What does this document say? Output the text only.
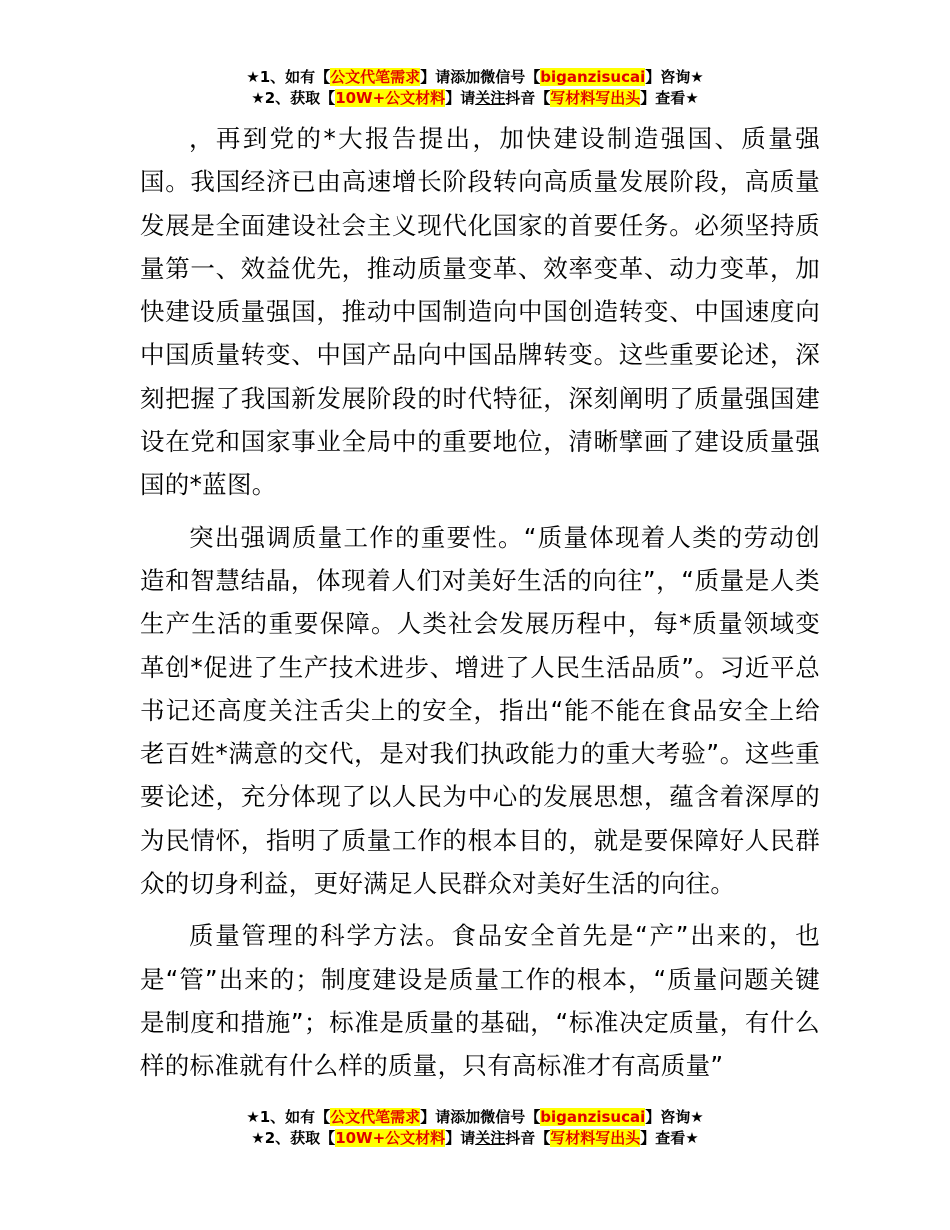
★1、如有【公文代笔需求】请添加微信号【biganzisucai】咨询★
★2、获取【10W+公文材料】请关注抖音【写材料写出头】查看★

，再到党的*大报告提出，加快建设制造强国、质量强国。我国经济已由高速增长阶段转向高质量发展阶段，高质量发展是全面建设社会主义现代化国家的首要任务。必须坚持质量第一、效益优先，推动质量变革、效率变革、动力变革，加快建设质量强国，推动中国制造向中国创造转变、中国速度向中国质量转变、中国产品向中国品牌转变。这些重要论述，深刻把握了我国新发展阶段的时代特征，深刻阐明了质量强国建设在党和国家事业全局中的重要地位，清晰擘画了建设质量强国的*蓝图。

突出强调质量工作的重要性。“质量体现着人类的劳动创造和智慧结晶，体现着人们对美好生活的向往”，“质量是人类生产生活的重要保障。人类社会发展历程中，每*质量领域变革创*促进了生产技术进步、增进了人民生活品质”。习近平总书记还高度关注舌尖上的安全，指出“能不能在食品安全上给老百姓*满意的交代，是对我们执政能力的重大考验”。这些重要论述，充分体现了以人民为中心的发展思想，蕴含着深厚的为民情怀，指明了质量工作的根本目的，就是要保障好人民群众的切身利益，更好满足人民群众对美好生活的向往。

质量管理的科学方法。食品安全首先是“产”出来的，也是“管”出来的；制度建设是质量工作的根本，“质量问题关键是制度和措施”；标准是质量的基础，“标准决定质量，有什么样的标准就有什么样的质量，只有高标准才有高质量”

★1、如有【公文代笔需求】请添加微信号【biganzisucai】咨询★
★2、获取【10W+公文材料】请关注抖音【写材料写出头】查看★
